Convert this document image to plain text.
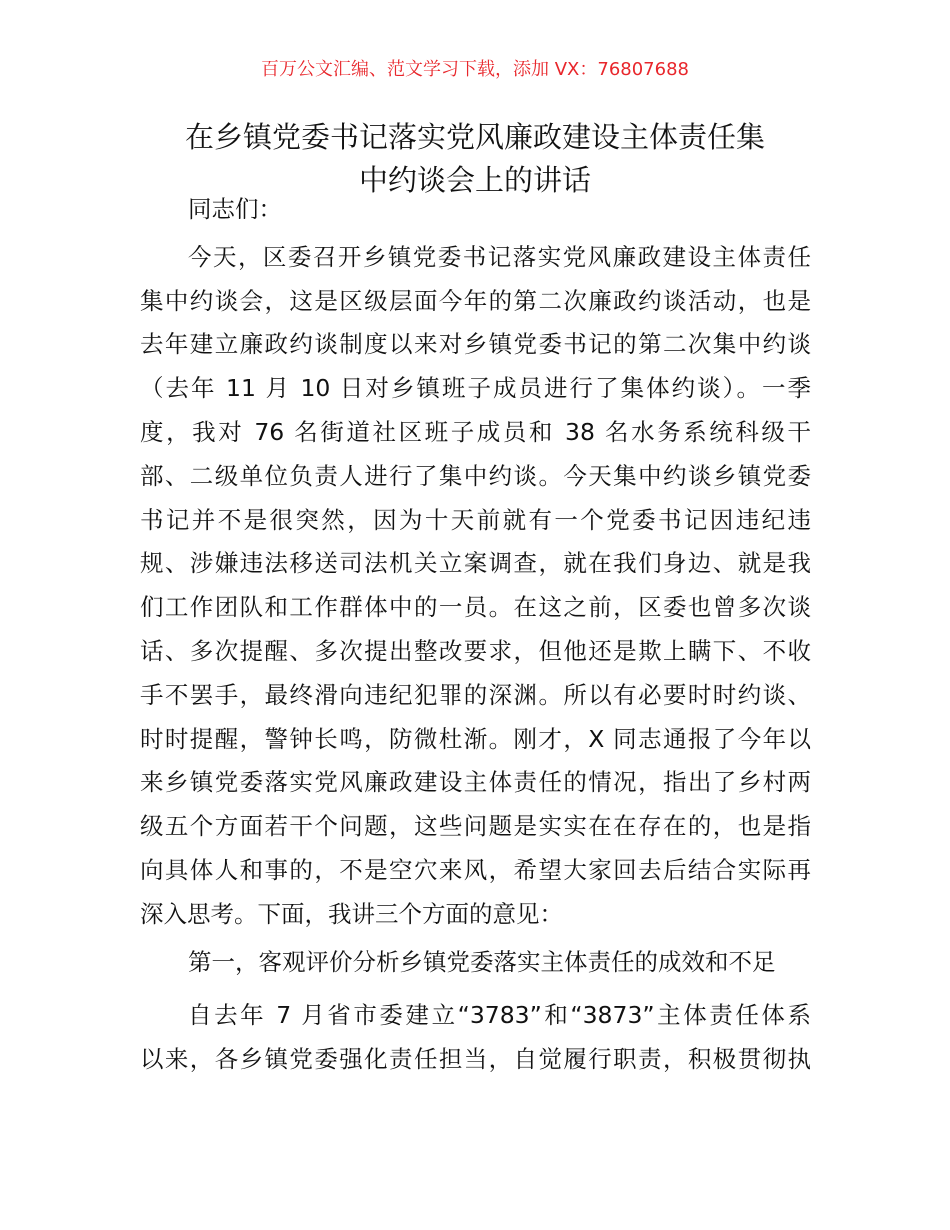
百万公文汇编、范文学习下载，添加 VX：76807688
在乡镇党委书记落实党风廉政建设主体责任集
中约谈会上的讲话
同志们：
今天，区委召开乡镇党委书记落实党风廉政建设主体责任
集中约谈会，这是区级层面今年的第二次廉政约谈活动，也是
去年建立廉政约谈制度以来对乡镇党委书记的第二次集中约谈
（去年 11 月 10 日对乡镇班子成员进行了集体约谈）。一季
度，我对 76 名街道社区班子成员和 38 名水务系统科级干
部、二级单位负责人进行了集中约谈。今天集中约谈乡镇党委
书记并不是很突然，因为十天前就有一个党委书记因违纪违
规、涉嫌违法移送司法机关立案调查，就在我们身边、就是我
们工作团队和工作群体中的一员。在这之前，区委也曾多次谈
话、多次提醒、多次提出整改要求，但他还是欺上瞒下、不收
手不罢手，最终滑向违纪犯罪的深渊。所以有必要时时约谈、
时时提醒，警钟长鸣，防微杜渐。刚才，X 同志通报了今年以
来乡镇党委落实党风廉政建设主体责任的情况，指出了乡村两
级五个方面若干个问题，这些问题是实实在在存在的，也是指
向具体人和事的，不是空穴来风，希望大家回去后结合实际再
深入思考。下面，我讲三个方面的意见：
第一，客观评价分析乡镇党委落实主体责任的成效和不足
自去年 7 月省市委建立“3783”和“3873”主体责任体系
以来，各乡镇党委强化责任担当，自觉履行职责，积极贯彻执
